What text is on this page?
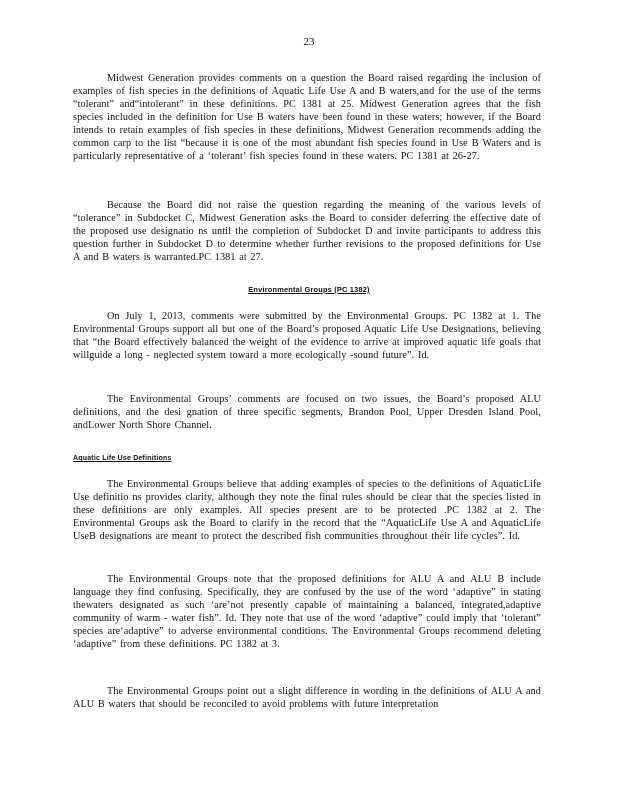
23
Midwest Generation provides comments on a question the Board raised regarding the inclusion of examples of fish species in the definitions of Aquatic Life Use A and B waters,and for the use of the terms “tolerant” and“intolerant” in these definitions. PC 1381 at 25. Midwest Generation agrees that the fish species included in the definition for Use B waters have been found in these waters; however, if the Board intends to retain examples of fish species in these definitions, Midwest Generation recommends adding the common carp to the list “because it is one of the most abundant fish species found in Use B Waters and is particularly representative of a ‘tolerant’ fish species found in these waters. PC 1381 at 26-27.
Because the Board did not raise the question regarding the meaning of the various levels of “tolerance” in Subdocket C, Midwest Generation asks the Board to consider deferring the effective date of the proposed use designatio ns until the completion of Subdocket D and invite participants to address this question further in Subdocket D to determine whether further revisions to the proposed definitions for Use A and B waters is warranted.PC 1381 at 27.
Environmental Groups (PC 1382)
On July 1, 2013, comments were submitted by the Environmental Groups. PC 1382 at 1. The Environmental Groups support all but one of the Board’s proposed Aquatic Life Use Designations, believing that “the Board effectively balanced the weight of the evidence to arrive at improved aquatic life goals that willguide a long - neglected system toward a more ecologically -sound future”. Id.
The Environmental Groups’ comments are focused on two issues, the Board’s proposed ALU definitions, and the desi gnation of three specific segments, Brandon Pool, Upper Dresden Island Pool, andLower North Shore Channel.
Aquatic Life Use Definitions
The Environmental Groups believe that adding examples of species to the definitions of AquaticLife Use definitio ns provides clarity, although they note the final rules should be clear that the species listed in these definitions are only examples. All species present are to be protected .PC 1382 at 2. The Environmental Groups ask the Board to clarify in the record that the “AquaticLife Use A and AquaticLife UseB designations are meant to protect the described fish communities throughout their life cycles”. Id.
The Environmental Groups note that the proposed definitions for ALU A and ALU B include language they find confusing. Specifically, they are confused by the use of the word ‘adaptive” in stating thewaters designated as such ‘are’not presently capable of maintaining a balanced, integrated,adaptive community of warm - water fish”. Id. They note that use of the word ‘adaptive” could imply that ‘tolerant” species are‘adaptive” to adverse environmental conditions. The Environmental Groups recommend deleting ‘adaptive” from these definitions. PC 1382 at 3.
The Environmental Groups point out a slight difference in wording in the definitions of ALU A and ALU B waters that should be reconciled to avoid problems with future interpretation
